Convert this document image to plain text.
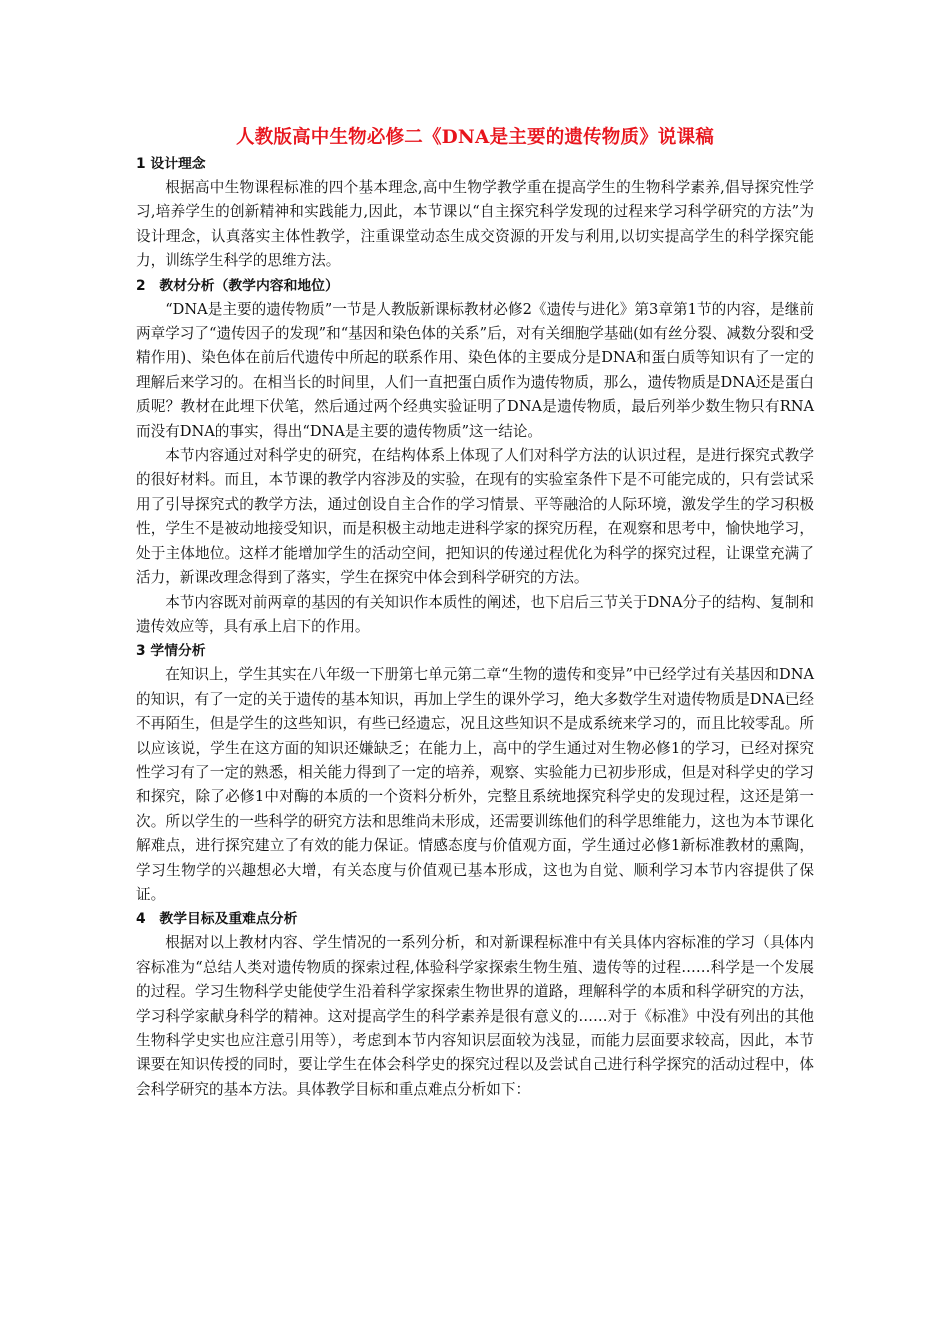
人教版高中生物必修二《DNA是主要的遗传物质》说课稿

1 设计理念

根据高中生物课程标准的四个基本理念,高中生物学教学重在提高学生的生物科学素养,倡导探究性学习,培养学生的创新精神和实践能力,因此，本节课以“自主探究科学发现的过程来学习科学研究的方法”为设计理念，认真落实主体性教学，注重课堂动态生成交资源的开发与利用,以切实提高学生的科学探究能力，训练学生科学的思维方法。

2　教材分析（教学内容和地位）

“DNA是主要的遗传物质”一节是人教版新课标教材必修2《遗传与进化》第3章第1节的内容，是继前两章学习了“遗传因子的发现”和“基因和染色体的关系”后，对有关细胞学基础(如有丝分裂、减数分裂和受精作用)、染色体在前后代遗传中所起的联系作用、染色体的主要成分是DNA和蛋白质等知识有了一定的理解后来学习的。在相当长的时间里，人们一直把蛋白质作为遗传物质，那么，遗传物质是DNA还是蛋白质呢？教材在此埋下伏笔，然后通过两个经典实验证明了DNA是遗传物质，最后列举少数生物只有RNA而没有DNA的事实，得出“DNA是主要的遗传物质”这一结论。

本节内容通过对科学史的研究，在结构体系上体现了人们对科学方法的认识过程，是进行探究式教学的很好材料。而且，本节课的教学内容涉及的实验，在现有的实验室条件下是不可能完成的，只有尝试采用了引导探究式的教学方法，通过创设自主合作的学习情景、平等融洽的人际环境，激发学生的学习积极性，学生不是被动地接受知识，而是积极主动地走进科学家的探究历程，在观察和思考中，愉快地学习，处于主体地位。这样才能增加学生的活动空间，把知识的传递过程优化为科学的探究过程，让课堂充满了活力，新课改理念得到了落实，学生在探究中体会到科学研究的方法。

本节内容既对前两章的基因的有关知识作本质性的阐述，也下启后三节关于DNA分子的结构、复制和遗传效应等，具有承上启下的作用。

3 学情分析

在知识上，学生其实在八年级一下册第七单元第二章“生物的遗传和变异”中已经学过有关基因和DNA的知识，有了一定的关于遗传的基本知识，再加上学生的课外学习，绝大多数学生对遗传物质是DNA已经不再陌生，但是学生的这些知识，有些已经遗忘，况且这些知识不是成系统来学习的，而且比较零乱。所以应该说，学生在这方面的知识还嫌缺乏；在能力上，高中的学生通过对生物必修1的学习，已经对探究性学习有了一定的熟悉，相关能力得到了一定的培养，观察、实验能力已初步形成，但是对科学史的学习和探究，除了必修1中对酶的本质的一个资料分析外，完整且系统地探究科学史的发现过程，这还是第一次。所以学生的一些科学的研究方法和思维尚未形成，还需要训练他们的科学思维能力，这也为本节课化解难点，进行探究建立了有效的能力保证。情感态度与价值观方面，学生通过必修1新标准教材的熏陶，学习生物学的兴趣想必大增，有关态度与价值观已基本形成，这也为自觉、顺利学习本节内容提供了保证。

4　教学目标及重难点分析

根据对以上教材内容、学生情况的一系列分析，和对新课程标准中有关具体内容标准的学习（具体内容标准为“总结人类对遗传物质的探索过程,体验科学家探索生物生殖、遗传等的过程……科学是一个发展的过程。学习生物科学史能使学生沿着科学家探索生物世界的道路，理解科学的本质和科学研究的方法，学习科学家献身科学的精神。这对提高学生的科学素养是很有意义的……对于《标准》中没有列出的其他生物科学史实也应注意引用等），考虑到本节内容知识层面较为浅显，而能力层面要求较高，因此，本节课要在知识传授的同时，要让学生在体会科学史的探究过程以及尝试自己进行科学探究的活动过程中，体会科学研究的基本方法。具体教学目标和重点难点分析如下：
